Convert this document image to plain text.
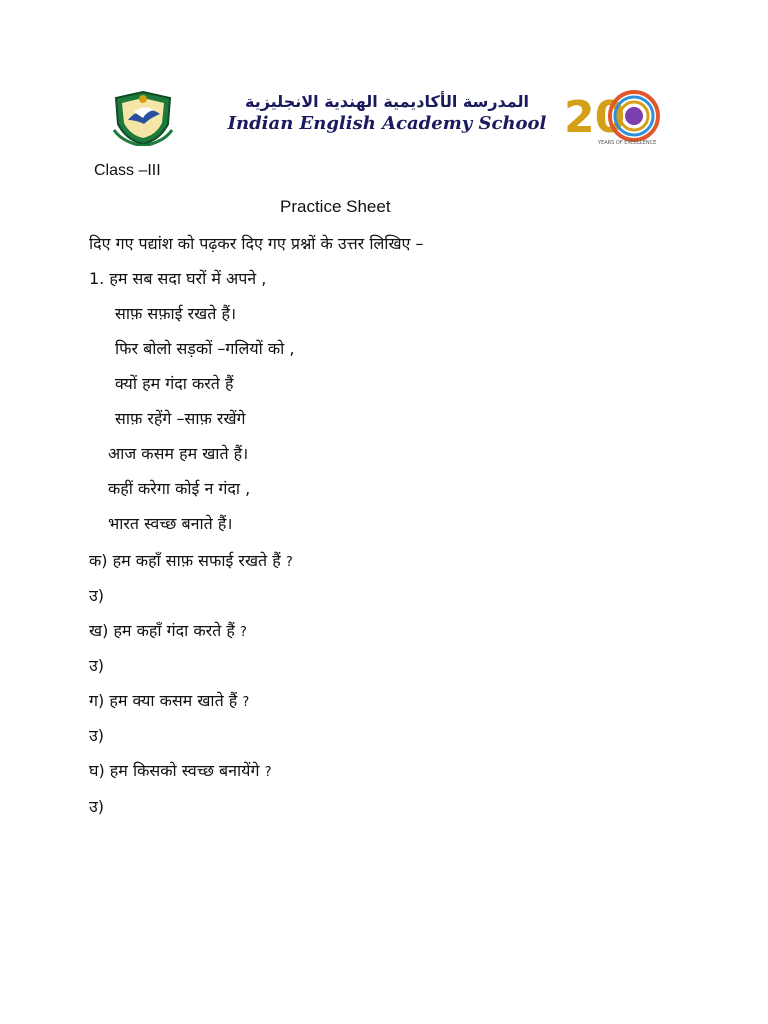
المدرسة الأكاديمية الهندية الانجليزية
Indian English Academy School 20
YEARS OF EXCELLENCE
Class –III
Practice Sheet
दिए गए पद्यांश को पढ़कर दिए गए प्रश्नों के उत्तर लिखिए –
1. हम सब सदा घरों में अपने ,
साफ़ सफ़ाई रखते हैं।
फिर बोलो सड़कों –गलियों को ,
क्यों हम गंदा करते हैं
साफ़ रहेंगे –साफ़ रखेंगे
आज कसम हम खाते हैं।
कहीं करेगा कोई न गंदा ,
भारत स्वच्छ बनाते हैं।
क) हम कहाँ साफ़ सफाई रखते हैं ?
उ)
ख) हम कहाँ गंदा करते हैं ?
उ)
ग) हम क्या कसम खाते हैं ?
उ)
घ) हम किसको स्वच्छ बनायेंगे ?
उ)
